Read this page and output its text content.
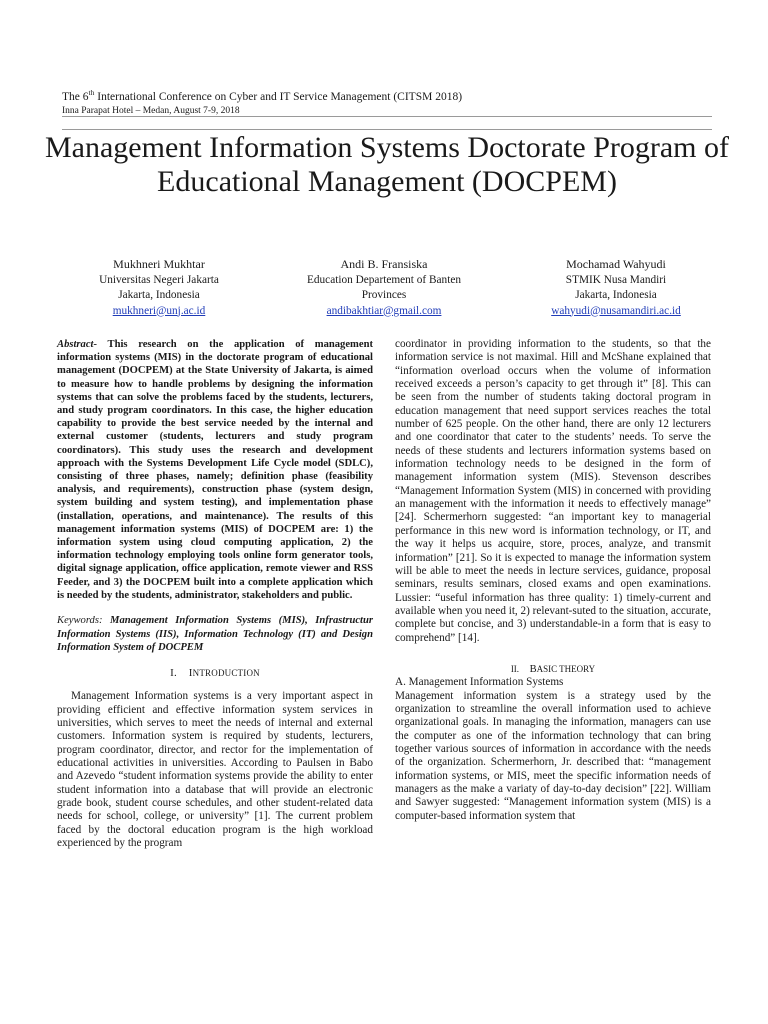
The 6th International Conference on Cyber and IT Service Management (CITSM 2018)
Inna Parapat Hotel – Medan, August 7-9, 2018
Management Information Systems Doctorate Program of Educational Management (DOCPEM)
Mukhneri Mukhtar
Universitas Negeri Jakarta
Jakarta, Indonesia
mukhneri@unj.ac.id
Andi B. Fransiska
Education Departement of Banten
Provinces
andibakhtiar@gmail.com
Mochamad Wahyudi
STMIK Nusa Mandiri
Jakarta, Indonesia
wahyudi@nusamandiri.ac.id

Abstract- This research on the application of management information systems (MIS) in the doctorate program of educational management (DOCPEM) at the State University of Jakarta, is aimed to measure how to handle problems by designing the information systems that can solve the problems faced by the students, lecturers, and study program coordinators. In this case, the higher education capability to provide the best service needed by the internal and external customer (students, lecturers and study program coordinators). This study uses the research and development approach with the Systems Development Life Cycle model (SDLC), consisting of three phases, namely; definition phase (feasibility analysis, and requirements), construction phase (system design, system building and system testing), and implementation phase (installation, operations, and maintenance). The results of this management information systems (MIS) of DOCPEM are: 1) the information system using cloud computing application, 2) the information technology employing tools online form generator tools, digital signage application, office application, remote viewer and RSS Feeder, and 3) the DOCPEM built into a complete application which is needed by the students, administrator, stakeholders and public.

Keywords: Management Information Systems (MIS), Infrastructur Information Systems (IIS), Information Technology (IT) and Design Information System of DOCPEM

I. INTRODUCTION

Management Information systems is a very important aspect in providing efficient and effective information system services in universities, which serves to meet the needs of internal and external customers. Information system is required by students, lecturers, program coordinator, director, and rector for the implementation of educational activities in universities. According to Paulsen in Babo and Azevedo “student information systems provide the ability to enter student information into a database that will provide an electronic grade book, student course schedules, and other student-related data needs for school, college, or university” [1]. The current problem faced by the doctoral education program is the high workload experienced by the program

coordinator in providing information to the students, so that the information service is not maximal. Hill and McShane explained that “information overload occurs when the volume of information received exceeds a person’s capacity to get through it” [8]. This can be seen from the number of students taking doctoral program in education management that need support services reaches the total number of 625 people. On the other hand, there are only 12 lecturers and one coordinator that cater to the students’ needs. To serve the needs of these students and lecturers information systems based on information technology needs to be designed in the form of management information system (MIS). Stevenson describes “Management Information System (MIS) in concerned with providing an management with the information it needs to effectively manage” [24]. Schermerhorn suggested: “an important key to managerial performance in this new word is information technology, or IT, and the way it helps us acquire, store, proces, analyze, and transmit information” [21]. So it is expected to manage the information system will be able to meet the needs in lecture services, guidance, proposal seminars, results seminars, closed exams and open examinations. Lussier: “useful information has three quality: 1) timely-current and available when you need it, 2) relevant-suted to the situation, accurate, complete but concise, and 3) understandable-in a form that is easy to comprehend” [14].

II. BASIC THEORY

A. Management Information Systems

Management information system is a strategy used by the organization to streamline the overall information used to achieve organizational goals. In managing the information, managers can use the computer as one of the information technology that can bring together various sources of information in accordance with the needs of the organization. Schermerhorn, Jr. described that: “management information systems, or MIS, meet the specific information needs of managers as the make a variaty of day-to-day decision” [22]. William and Sawyer suggested: “Management information system (MIS) is a computer-based information system that
